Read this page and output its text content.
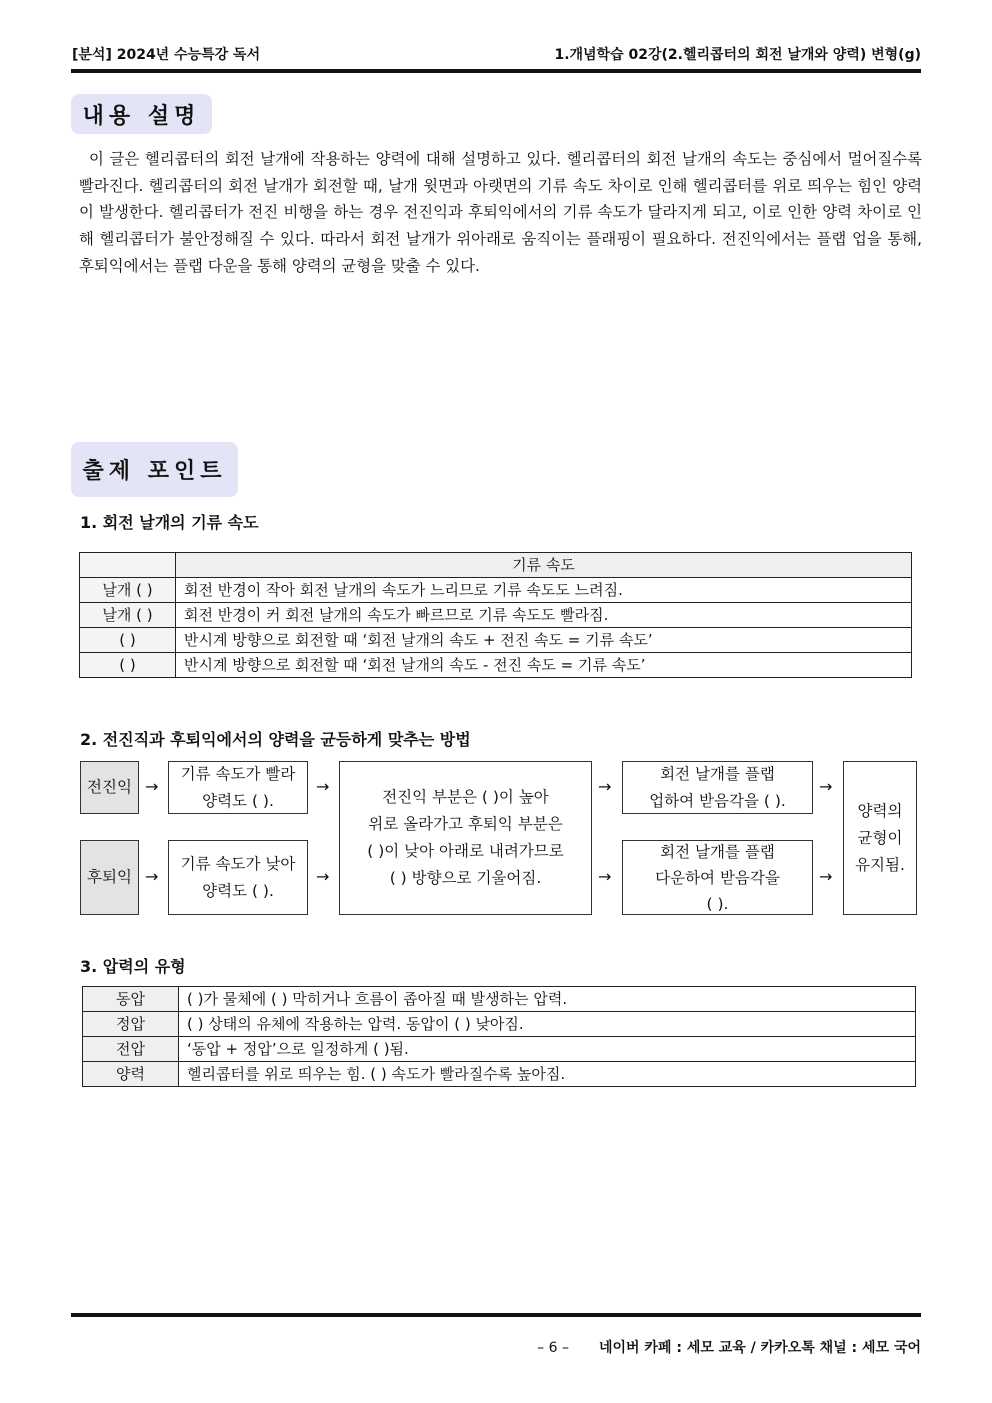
[분석] 2024년 수능특강 독서	1.개념학습 02강(2.헬리콥터의 회전 날개와 양력) 변형(g)
내용 설명

이 글은 헬리콥터의 회전 날개에 작용하는 양력에 대해 설명하고 있다. 헬리콥터의 회전 날개의 속도는 중심에서 멀어질수록 빨라진다. 헬리콥터의 회전 날개가 회전할 때, 날개 윗면과 아랫면의 기류 속도 차이로 인해 헬리콥터를 위로 띄우는 힘인 양력이 발생한다. 헬리콥터가 전진 비행을 하는 경우 전진익과 후퇴익에서의 기류 속도가 달라지게 되고, 이로 인한 양력 차이로 인해 헬리콥터가 불안정해질 수 있다. 따라서 회전 날개가 위아래로 움직이는 플래핑이 필요하다. 전진익에서는 플랩 업을 통해, 후퇴익에서는 플랩 다운을 통해 양력의 균형을 맞출 수 있다.

출제 포인트
1. 회전 날개의 기류 속도
	기류 속도
날개 ( )	회전 반경이 작아 회전 날개의 속도가 느리므로 기류 속도도 느려짐.
날개 ( )	회전 반경이 커 회전 날개의 속도가 빠르므로 기류 속도도 빨라짐.
( )	반시계 방향으로 회전할 때 ‘회전 날개의 속도 + 전진 속도 = 기류 속도’
( )	반시계 방향으로 회전할 때 ‘회전 날개의 속도 - 전진 속도 = 기류 속도’
2. 전진직과 후퇴익에서의 양력을 균등하게 맞추는 방법
전진익
후퇴익
→
→
기류 속도가 빨라
양력도 ( ).
기류 속도가 낮아
양력도 ( ).
→
→
전진익 부분은 ( )이 높아
위로 올라가고 후퇴익 부분은
( )이 낮아 아래로 내려가므로
( ) 방향으로 기울어짐.
→
→
회전 날개를 플랩
업하여 받음각을 ( ).
회전 날개를 플랩
다운하여 받음각을
( ).
→
→
양력의
균형이
유지됨.
3. 압력의 유형
동압	( )가 물체에 ( ) 막히거나 흐름이 좁아질 때 발생하는 압력.
정압	( ) 상태의 유체에 작용하는 압력. 동압이 ( ) 낮아짐.
전압	‘동압 + 정압’으로 일정하게 ( )됨.
양력	헬리콥터를 위로 띄우는 힘. ( ) 속도가 빨라질수록 높아짐.
– 6 – 네이버 카페 : 세모 교육 / 카카오톡 채널 : 세모 국어
